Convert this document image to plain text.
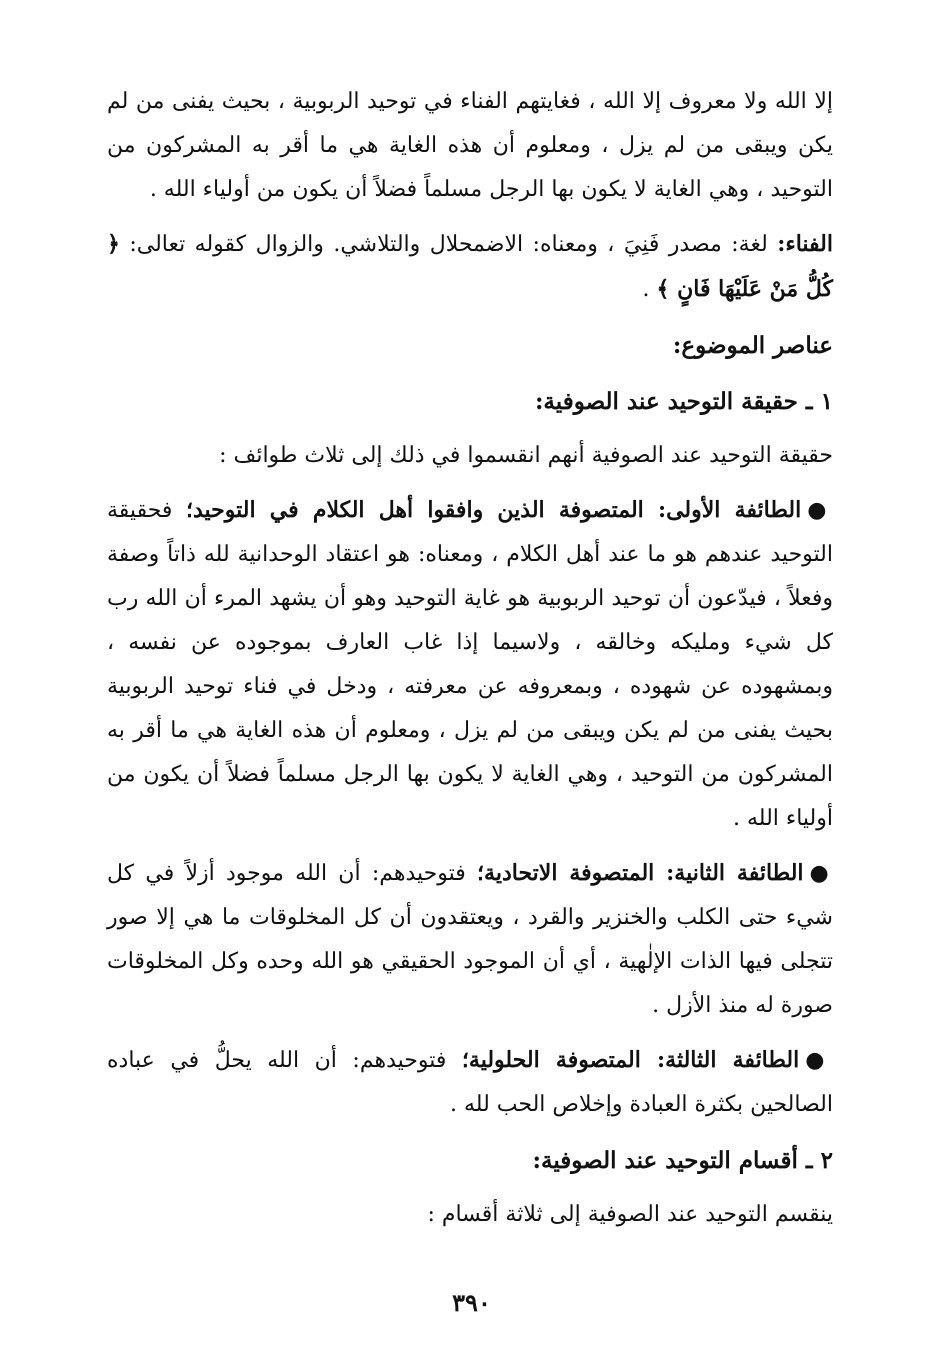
إلا الله ولا معروف إلا الله ، فغايتهم الفناء في توحيد الربوبية ، بحيث يفنى من لم يكن ويبقى من لم يزل ، ومعلوم أن هذه الغاية هي ما أقر به المشركون من التوحيد ، وهي الغاية لا يكون بها الرجل مسلماً فضلاً أن يكون من أولياء الله .

الفناء: لغة: مصدر فَنِيَ ، ومعناه: الاضمحلال والتلاشي. والزوال كقوله تعالى: ﴿ كُلُّ مَنْ عَلَيْهَا فَانٍ ﴾ .

عناصر الموضوع:
١ ـ حقيقة التوحيد عند الصوفية:

حقيقة التوحيد عند الصوفية أنهم انقسموا في ذلك إلى ثلاث طوائف :

●الطائفة الأولى: المتصوفة الذين وافقوا أهل الكلام في التوحيد؛ فحقيقة التوحيد عندهم هو ما عند أهل الكلام ، ومعناه: هو اعتقاد الوحدانية لله ذاتاً وصفة وفعلاً ، فيدّعون أن توحيد الربوبية هو غاية التوحيد وهو أن يشهد المرء أن الله رب كل شيء ومليكه وخالقه ، ولاسيما إذا غاب العارف بموجوده عن نفسه ، وبمشهوده عن شهوده ، وبمعروفه عن معرفته ، ودخل في فناء توحيد الربوبية بحيث يفنى من لم يكن ويبقى من لم يزل ، ومعلوم أن هذه الغاية هي ما أقر به المشركون من التوحيد ، وهي الغاية لا يكون بها الرجل مسلماً فضلاً أن يكون من أولياء الله .

●الطائفة الثانية: المتصوفة الاتحادية؛ فتوحيدهم: أن الله موجود أزلاً في كل شيء حتى الكلب والخنزير والقرد ، ويعتقدون أن كل المخلوقات ما هي إلا صور تتجلى فيها الذات الإلٰهية ، أي أن الموجود الحقيقي هو الله وحده وكل المخلوقات صورة له منذ الأزل .

●الطائفة الثالثة: المتصوفة الحلولية؛ فتوحيدهم: أن الله يحلُّ في عباده الصالحين بكثرة العبادة وإخلاص الحب لله .

٢ ـ أقسام التوحيد عند الصوفية:

ينقسم التوحيد عند الصوفية إلى ثلاثة أقسام :

٣٩٠
